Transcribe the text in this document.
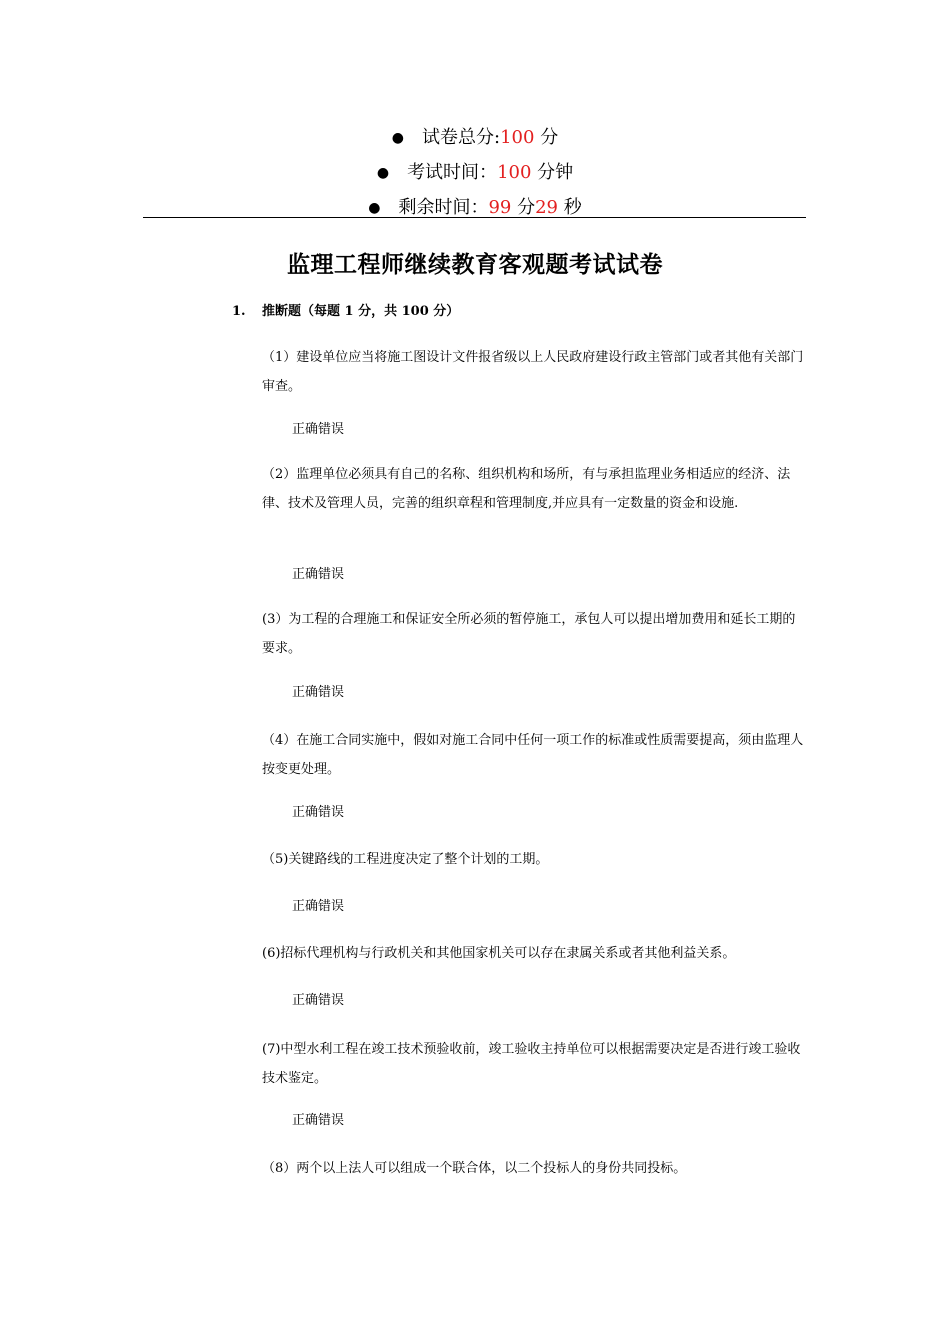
● 试卷总分:100 分
● 考试时间：100 分钟
● 剩余时间：99 分29 秒
监理工程师继续教育客观题考试试卷
1. 推断题（每题 1 分，共 100 分）

（1）建设单位应当将施工图设计文件报省级以上人民政府建设行政主管部门或者其他有关部门审查。

正确错误

（2）监理单位必须具有自己的名称、组织机构和场所，有与承担监理业务相适应的经济、法律、技术及管理人员，完善的组织章程和管理制度,并应具有一定数量的资金和设施.

正确错误

(3）为工程的合理施工和保证安全所必须的暂停施工，承包人可以提出增加费用和延长工期的要求。

正确错误

（4）在施工合同实施中，假如对施工合同中任何一项工作的标准或性质需要提高，须由监理人按变更处理。

正确错误

（5)关键路线的工程进度决定了整个计划的工期。

正确错误

(6)招标代理机构与行政机关和其他国家机关可以存在隶属关系或者其他利益关系。

正确错误

(7)中型水利工程在竣工技术预验收前，竣工验收主持单位可以根据需要决定是否进行竣工验收技术鉴定。

正确错误

（8）两个以上法人可以组成一个联合体，以二个投标人的身份共同投标。
